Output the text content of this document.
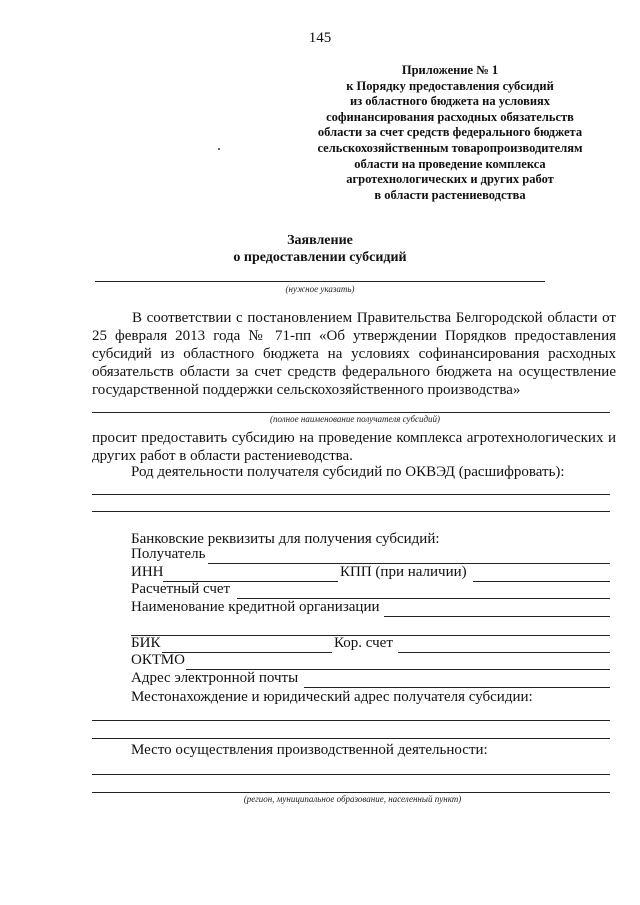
145
Приложение № 1
к Порядку предоставления субсидий
из областного бюджета на условиях
софинансирования расходных обязательств
области за счет средств федерального бюджета
сельскохозяйственным товаропроизводителям
области на проведение комплекса
агротехнологических и других работ
в области растениеводства
Заявление
о предоставлении субсидий
(нужное указать)
В соответствии с постановлением Правительства Белгородской области от 25 февраля 2013 года № 71-пп «Об утверждении Порядков предоставления субсидий из областного бюджета на условиях софинансирования расходных обязательств области за счет средств федерального бюджета на осуществление государственной поддержки сельскохозяйственного производства»
(полное наименование получателя субсидий)
просит предоставить субсидию на проведение комплекса агротехнологических и других работ в области растениеводства.
Род деятельности получателя субсидий по ОКВЭД (расшифровать):
Банковские реквизиты для получения субсидий:
Получатель
ИНН	КПП (при наличии)
Расчетный счет
Наименование кредитной организации
БИК	Кор. счет
ОКТМО
Адрес электронной почты
Местонахождение и юридический адрес получателя субсидии:
Место осуществления производственной деятельности:
(регион, муниципальное образование, населенный пункт)
